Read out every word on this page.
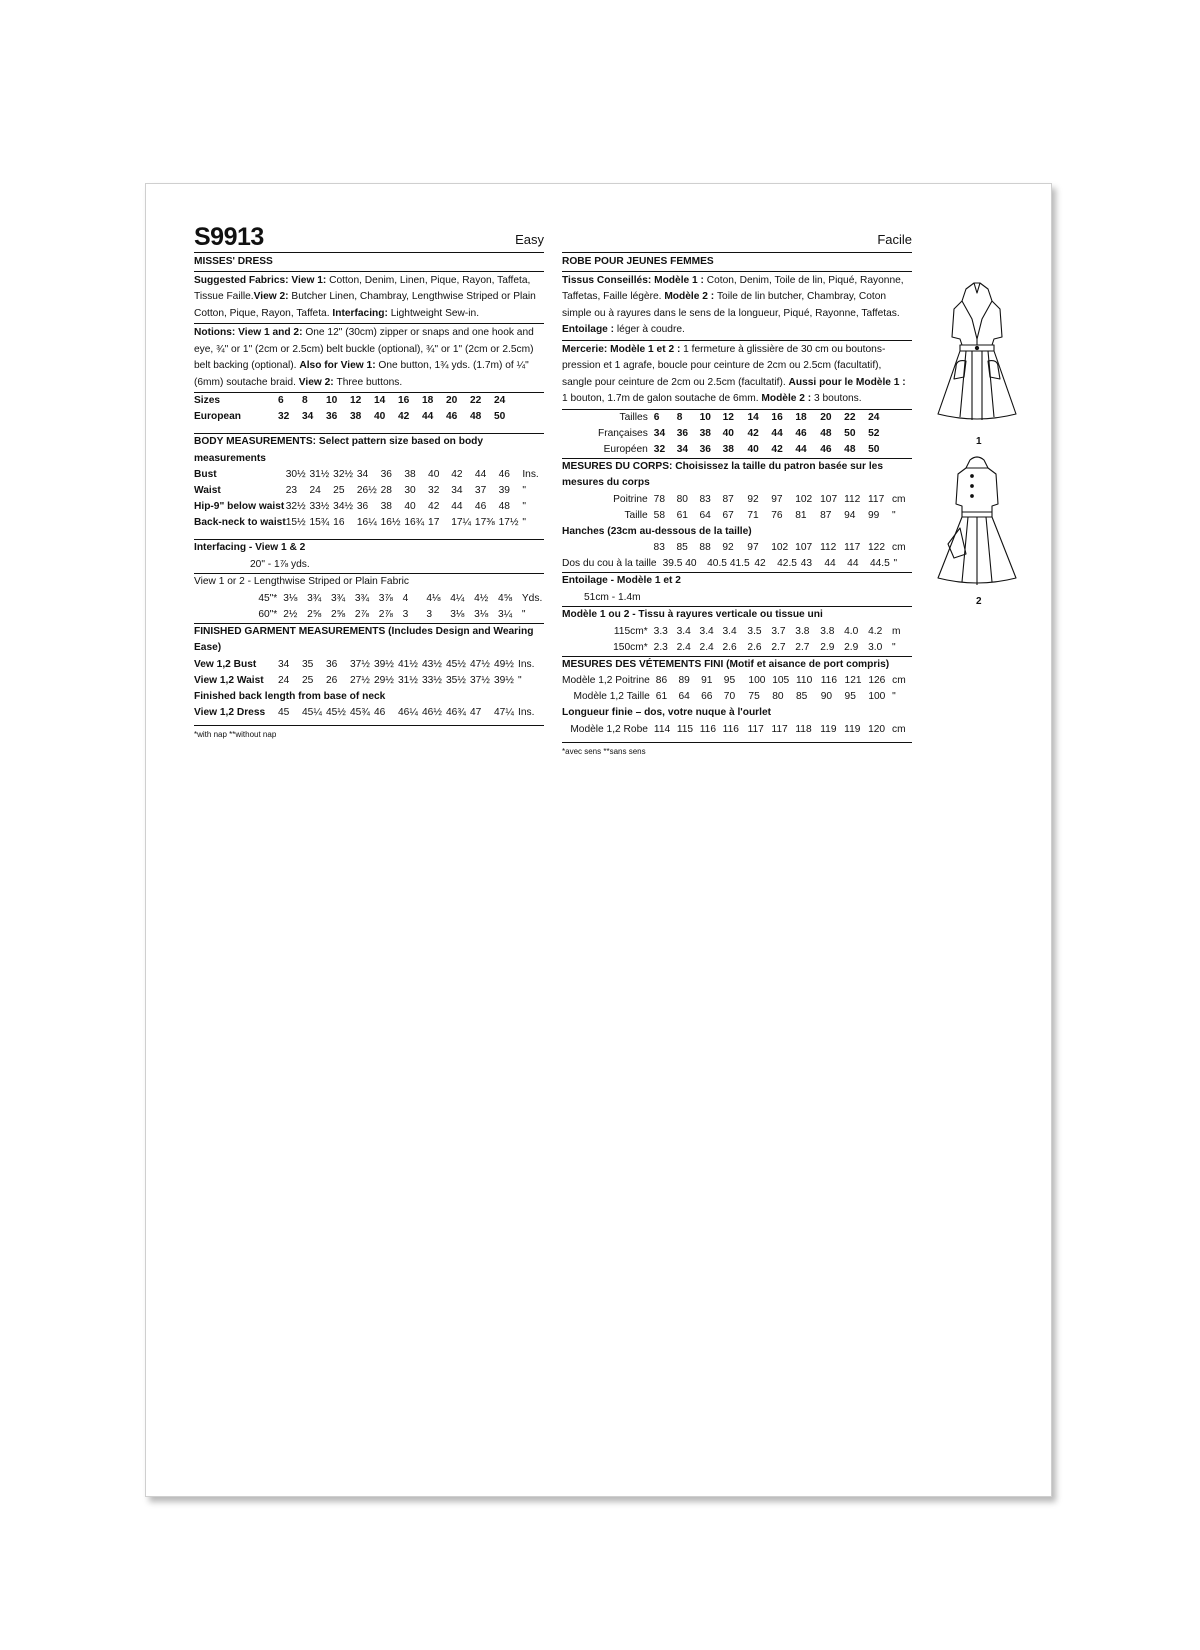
S9913	Easy
MISSES' DRESS

Suggested Fabrics: View 1: Cotton, Denim, Linen, Pique, Rayon, Taffeta, Tissue Faille.View 2: Butcher Linen, Chambray, Lengthwise Striped or Plain Cotton, Pique, Rayon, Taffeta. Interfacing: Lightweight Sew-in.

Notions: View 1 and 2: One 12" (30cm) zipper or snaps and one hook and eye, ¾" or 1" (2cm or 2.5cm) belt buckle (optional), ¾" or 1" (2cm or 2.5cm) belt backing (optional). Also for View 1: One button, 1¾ yds. (1.7m) of ¼" (6mm) soutache braid. View 2: Three buttons.

Sizes	6	8	10	12	14	16	18	20	22	24	
European	32	34	36	38	40	42	44	46	48	50	
BODY MEASUREMENTS: Select pattern size based on body measurements
Bust	30½	31½	32½	34	36	38	40	42	44	46	Ins.
Waist	23	24	25	26½	28	30	32	34	37	39	"
Hip-9" below waist	32½	33½	34½	36	38	40	42	44	46	48	"
Back-neck to waist	15½	15¾	16	16¼	16½	16¾	17	17¼	17⅜	17½	"
Interfacing - View 1 & 2
20" - 1⅞ yds.
View 1 or 2 - Lengthwise Striped or Plain Fabric
45"*	3⅛	3¾	3¾	3¾	3⅞	4	4⅛	4¼	4½	4⅝	Yds.
60"*	2½	2⅝	2⅝	2⅞	2⅞	3	3	3⅛	3⅛	3¼	"
FINISHED GARMENT MEASUREMENTS (Includes Design and Wearing Ease)
Vew 1,2 Bust	34	35	36	37½	39½	41½	43½	45½	47½	49½	Ins.
View 1,2 Waist	24	25	26	27½	29½	31½	33½	35½	37½	39½	"
Finished back length from base of neck
View 1,2 Dress	45	45¼	45½	45¾	46	46¼	46½	46¾	47	47¼	Ins.
*with nap **without nap
Facile
ROBE POUR JEUNES FEMMES

Tissus Conseillés: Modèle 1 : Coton, Denim, Toile de lin, Piqué, Rayonne, Taffetas, Faille légère. Modèle 2 : Toile de lin butcher, Chambray, Coton simple ou à rayures dans le sens de la longueur, Piqué, Rayonne, Taffetas. Entoilage : léger à coudre.

Mercerie: Modèle 1 et 2 : 1 fermeture à glissière de 30 cm ou boutons-pression et 1 agrafe, boucle pour ceinture de 2cm ou 2.5cm (facultatif), sangle pour ceinture de 2cm ou 2.5cm (facultatif). Aussi pour le Modèle 1 : 1 bouton, 1.7m de galon soutache de 6mm. Modèle 2 : 3 boutons.

Tailles	6	8	10	12	14	16	18	20	22	24	
Françaises	34	36	38	40	42	44	46	48	50	52	
Européen	32	34	36	38	40	42	44	46	48	50	
MESURES DU CORPS: Choisissez la taille du patron basée sur les mesures du corps
Poitrine	78	80	83	87	92	97	102	107	112	117	cm
Taille	58	61	64	67	71	76	81	87	94	99	"
Hanches (23cm au-dessous de la taille)
	83	85	88	92	97	102	107	112	117	122	cm
Dos du cou à la taille	39.5	40	40.5	41.5	42	42.5	43	44	44	44.5	"
Entoilage - Modèle 1 et 2
51cm - 1.4m
Modèle 1 ou 2 - Tissu à rayures verticale ou tissue uni
115cm*	3.3	3.4	3.4	3.4	3.5	3.7	3.8	3.8	4.0	4.2	m
150cm*	2.3	2.4	2.4	2.6	2.6	2.7	2.7	2.9	2.9	3.0	"
MESURES DES VÉTEMENTS FINI (Motif et aisance de port compris)
Modèle 1,2 Poitrine	86	89	91	95	100	105	110	116	121	126	cm
Modèle 1,2 Taille	61	64	66	70	75	80	85	90	95	100	"
Longueur finie – dos, votre nuque à l'ourlet
Modèle 1,2 Robe	114	115	116	116	117	117	118	119	119	120	cm
*avec sens **sans sens
1
2
